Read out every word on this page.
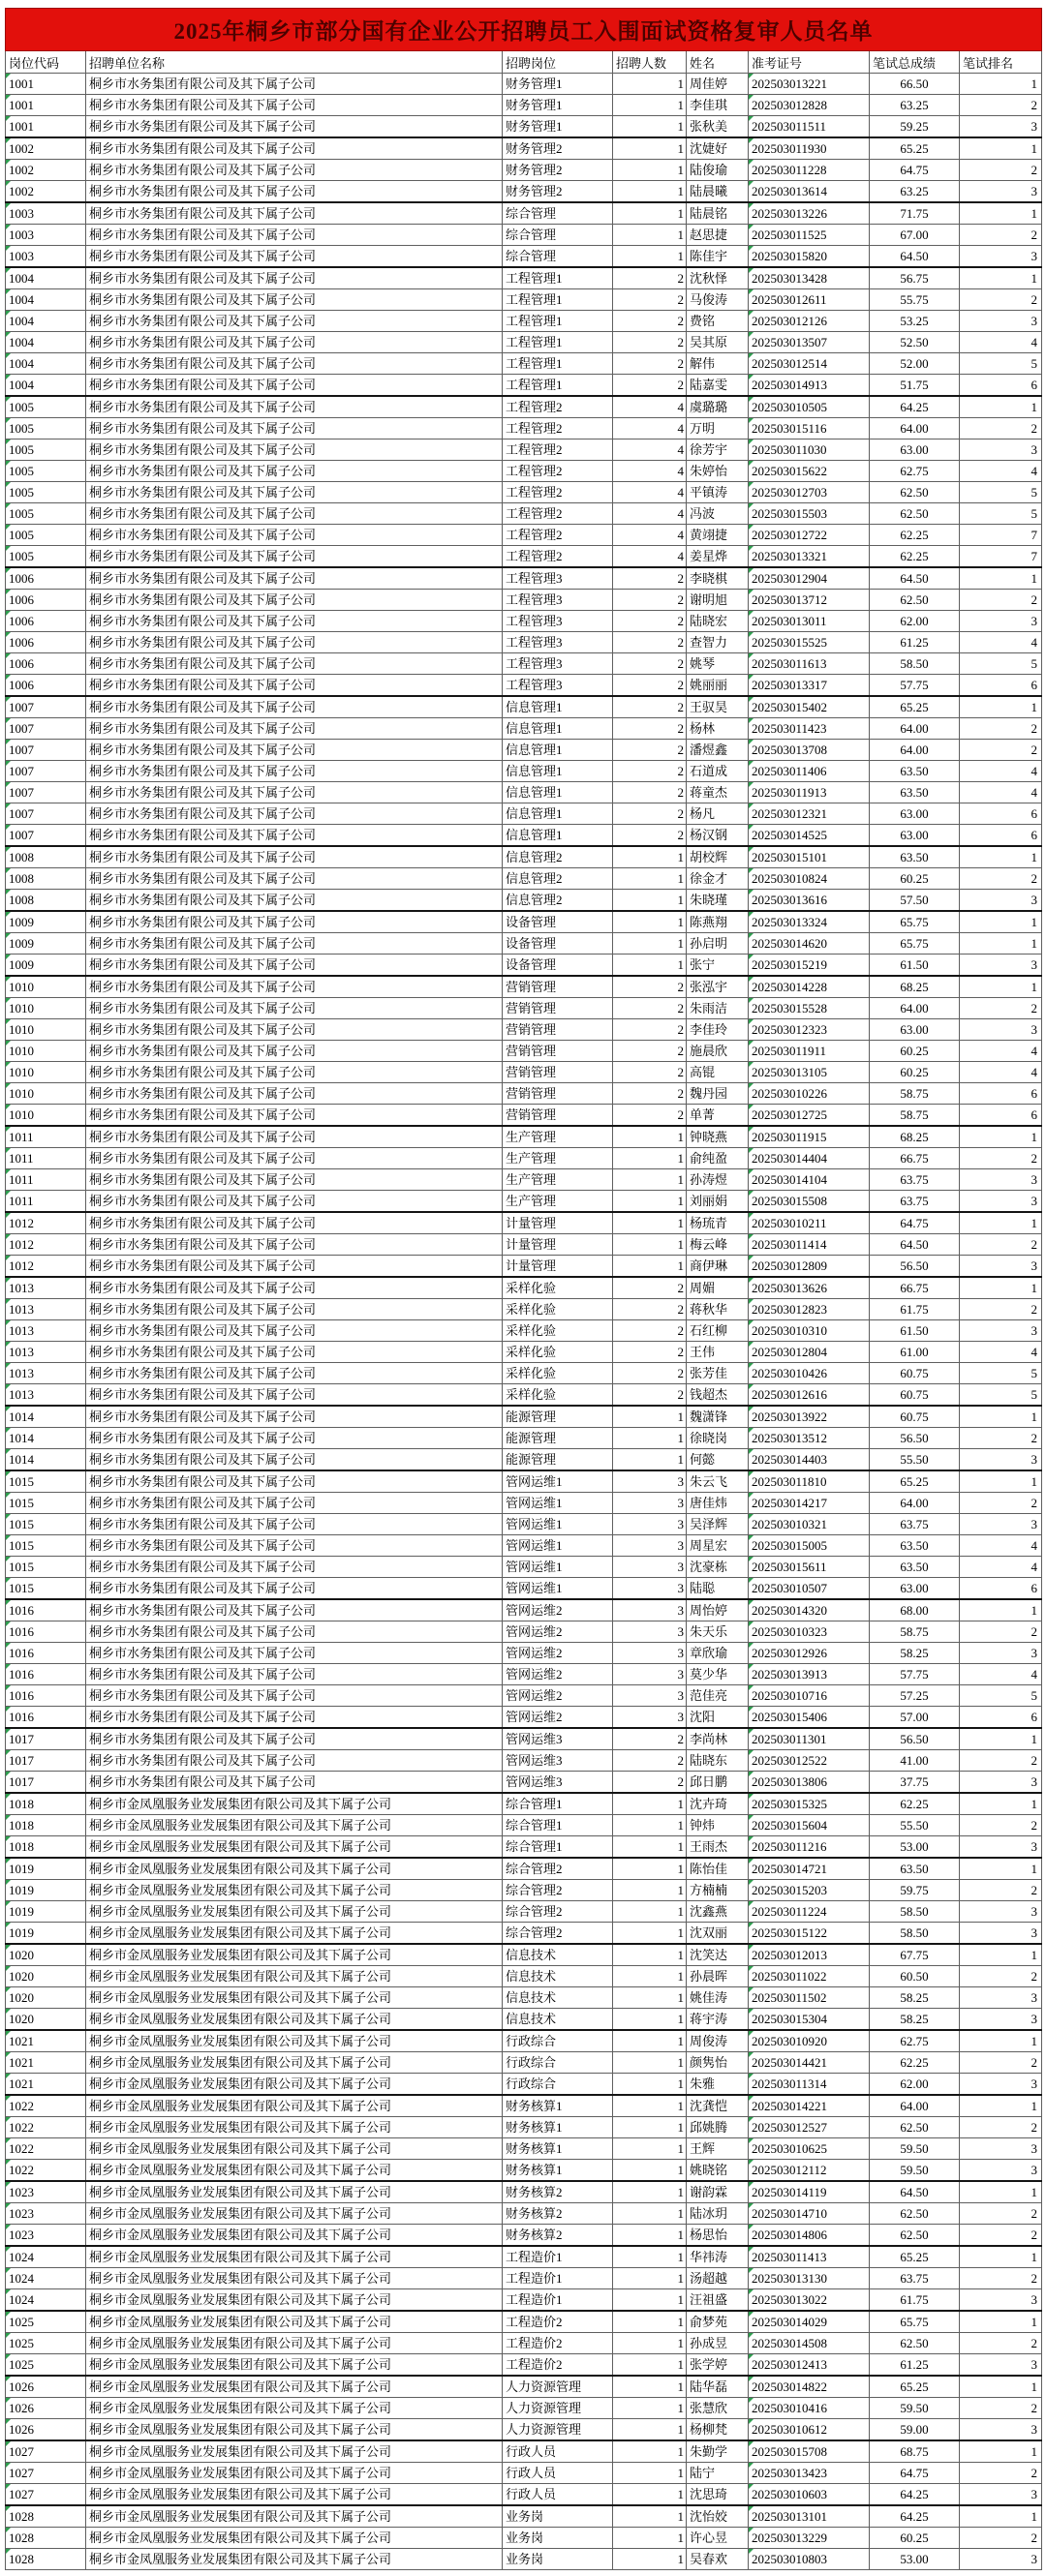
2025年桐乡市部分国有企业公开招聘员工入围面试资格复审人员名单							
岗位代码	招聘单位名称	招聘岗位	招聘人数	姓名	准考证号	笔试总成绩	笔试排名
1001	桐乡市水务集团有限公司及其下属子公司	财务管理1	1	周佳婷	202503013221	66.50	1
1001	桐乡市水务集团有限公司及其下属子公司	财务管理1	1	李佳琪	202503012828	63.25	2
1001	桐乡市水务集团有限公司及其下属子公司	财务管理1	1	张秋美	202503011511	59.25	3
1002	桐乡市水务集团有限公司及其下属子公司	财务管理2	1	沈婕好	202503011930	65.25	1
1002	桐乡市水务集团有限公司及其下属子公司	财务管理2	1	陆俊瑜	202503011228	64.75	2
1002	桐乡市水务集团有限公司及其下属子公司	财务管理2	1	陆晨曦	202503013614	63.25	3
1003	桐乡市水务集团有限公司及其下属子公司	综合管理	1	陆晨铭	202503013226	71.75	1
1003	桐乡市水务集团有限公司及其下属子公司	综合管理	1	赵思捷	202503011525	67.00	2
1003	桐乡市水务集团有限公司及其下属子公司	综合管理	1	陈佳宇	202503015820	64.50	3
1004	桐乡市水务集团有限公司及其下属子公司	工程管理1	2	沈秋怿	202503013428	56.75	1
1004	桐乡市水务集团有限公司及其下属子公司	工程管理1	2	马俊涛	202503012611	55.75	2
1004	桐乡市水务集团有限公司及其下属子公司	工程管理1	2	费铭	202503012126	53.25	3
1004	桐乡市水务集团有限公司及其下属子公司	工程管理1	2	吴其原	202503013507	52.50	4
1004	桐乡市水务集团有限公司及其下属子公司	工程管理1	2	解伟	202503012514	52.00	5
1004	桐乡市水务集团有限公司及其下属子公司	工程管理1	2	陆嘉雯	202503014913	51.75	6
1005	桐乡市水务集团有限公司及其下属子公司	工程管理2	4	虞璐璐	202503010505	64.25	1
1005	桐乡市水务集团有限公司及其下属子公司	工程管理2	4	万明	202503015116	64.00	2
1005	桐乡市水务集团有限公司及其下属子公司	工程管理2	4	徐芳宇	202503011030	63.00	3
1005	桐乡市水务集团有限公司及其下属子公司	工程管理2	4	朱婷怡	202503015622	62.75	4
1005	桐乡市水务集团有限公司及其下属子公司	工程管理2	4	平镇涛	202503012703	62.50	5
1005	桐乡市水务集团有限公司及其下属子公司	工程管理2	4	冯波	202503015503	62.50	5
1005	桐乡市水务集团有限公司及其下属子公司	工程管理2	4	黄翊捷	202503012722	62.25	7
1005	桐乡市水务集团有限公司及其下属子公司	工程管理2	4	姜星烨	202503013321	62.25	7
1006	桐乡市水务集团有限公司及其下属子公司	工程管理3	2	李晓棋	202503012904	64.50	1
1006	桐乡市水务集团有限公司及其下属子公司	工程管理3	2	谢明旭	202503013712	62.50	2
1006	桐乡市水务集团有限公司及其下属子公司	工程管理3	2	陆晓宏	202503013011	62.00	3
1006	桐乡市水务集团有限公司及其下属子公司	工程管理3	2	查智力	202503015525	61.25	4
1006	桐乡市水务集团有限公司及其下属子公司	工程管理3	2	姚琴	202503011613	58.50	5
1006	桐乡市水务集团有限公司及其下属子公司	工程管理3	2	姚丽丽	202503013317	57.75	6
1007	桐乡市水务集团有限公司及其下属子公司	信息管理1	2	王驭昊	202503015402	65.25	1
1007	桐乡市水务集团有限公司及其下属子公司	信息管理1	2	杨林	202503011423	64.00	2
1007	桐乡市水务集团有限公司及其下属子公司	信息管理1	2	潘煜鑫	202503013708	64.00	2
1007	桐乡市水务集团有限公司及其下属子公司	信息管理1	2	石道成	202503011406	63.50	4
1007	桐乡市水务集团有限公司及其下属子公司	信息管理1	2	蒋童杰	202503011913	63.50	4
1007	桐乡市水务集团有限公司及其下属子公司	信息管理1	2	杨凡	202503012321	63.00	6
1007	桐乡市水务集团有限公司及其下属子公司	信息管理1	2	杨汉钢	202503014525	63.00	6
1008	桐乡市水务集团有限公司及其下属子公司	信息管理2	1	胡校辉	202503015101	63.50	1
1008	桐乡市水务集团有限公司及其下属子公司	信息管理2	1	徐金才	202503010824	60.25	2
1008	桐乡市水务集团有限公司及其下属子公司	信息管理2	1	朱晓瑾	202503013616	57.50	3
1009	桐乡市水务集团有限公司及其下属子公司	设备管理	1	陈燕翔	202503013324	65.75	1
1009	桐乡市水务集团有限公司及其下属子公司	设备管理	1	孙启明	202503014620	65.75	1
1009	桐乡市水务集团有限公司及其下属子公司	设备管理	1	张宁	202503015219	61.50	3
1010	桐乡市水务集团有限公司及其下属子公司	营销管理	2	张泓宇	202503014228	68.25	1
1010	桐乡市水务集团有限公司及其下属子公司	营销管理	2	朱雨洁	202503015528	64.00	2
1010	桐乡市水务集团有限公司及其下属子公司	营销管理	2	李佳玲	202503012323	63.00	3
1010	桐乡市水务集团有限公司及其下属子公司	营销管理	2	施晨欣	202503011911	60.25	4
1010	桐乡市水务集团有限公司及其下属子公司	营销管理	2	高锟	202503013105	60.25	4
1010	桐乡市水务集团有限公司及其下属子公司	营销管理	2	魏丹园	202503010226	58.75	6
1010	桐乡市水务集团有限公司及其下属子公司	营销管理	2	单菁	202503012725	58.75	6
1011	桐乡市水务集团有限公司及其下属子公司	生产管理	1	钟晓燕	202503011915	68.25	1
1011	桐乡市水务集团有限公司及其下属子公司	生产管理	1	俞纯盈	202503014404	66.75	2
1011	桐乡市水务集团有限公司及其下属子公司	生产管理	1	孙涛煜	202503014104	63.75	3
1011	桐乡市水务集团有限公司及其下属子公司	生产管理	1	刘丽娟	202503015508	63.75	3
1012	桐乡市水务集团有限公司及其下属子公司	计量管理	1	杨琉青	202503010211	64.75	1
1012	桐乡市水务集团有限公司及其下属子公司	计量管理	1	梅云峰	202503011414	64.50	2
1012	桐乡市水务集团有限公司及其下属子公司	计量管理	1	商伊琳	202503012809	56.50	3
1013	桐乡市水务集团有限公司及其下属子公司	采样化验	2	周媚	202503013626	66.75	1
1013	桐乡市水务集团有限公司及其下属子公司	采样化验	2	蒋秋华	202503012823	61.75	2
1013	桐乡市水务集团有限公司及其下属子公司	采样化验	2	石红柳	202503010310	61.50	3
1013	桐乡市水务集团有限公司及其下属子公司	采样化验	2	王伟	202503012804	61.00	4
1013	桐乡市水务集团有限公司及其下属子公司	采样化验	2	张芳佳	202503010426	60.75	5
1013	桐乡市水务集团有限公司及其下属子公司	采样化验	2	钱超杰	202503012616	60.75	5
1014	桐乡市水务集团有限公司及其下属子公司	能源管理	1	魏潇锋	202503013922	60.75	1
1014	桐乡市水务集团有限公司及其下属子公司	能源管理	1	徐晓岗	202503013512	56.50	2
1014	桐乡市水务集团有限公司及其下属子公司	能源管理	1	何懿	202503014403	55.50	3
1015	桐乡市水务集团有限公司及其下属子公司	管网运维1	3	朱云飞	202503011810	65.25	1
1015	桐乡市水务集团有限公司及其下属子公司	管网运维1	3	唐佳炜	202503014217	64.00	2
1015	桐乡市水务集团有限公司及其下属子公司	管网运维1	3	吴泽辉	202503010321	63.75	3
1015	桐乡市水务集团有限公司及其下属子公司	管网运维1	3	周星宏	202503015005	63.50	4
1015	桐乡市水务集团有限公司及其下属子公司	管网运维1	3	沈豪栋	202503015611	63.50	4
1015	桐乡市水务集团有限公司及其下属子公司	管网运维1	3	陆聪	202503010507	63.00	6
1016	桐乡市水务集团有限公司及其下属子公司	管网运维2	3	周怡婷	202503014320	68.00	1
1016	桐乡市水务集团有限公司及其下属子公司	管网运维2	3	朱天乐	202503010323	58.75	2
1016	桐乡市水务集团有限公司及其下属子公司	管网运维2	3	章欣瑜	202503012926	58.25	3
1016	桐乡市水务集团有限公司及其下属子公司	管网运维2	3	莫少华	202503013913	57.75	4
1016	桐乡市水务集团有限公司及其下属子公司	管网运维2	3	范佳亮	202503010716	57.25	5
1016	桐乡市水务集团有限公司及其下属子公司	管网运维2	3	沈阳	202503015406	57.00	6
1017	桐乡市水务集团有限公司及其下属子公司	管网运维3	2	李尚林	202503011301	56.50	1
1017	桐乡市水务集团有限公司及其下属子公司	管网运维3	2	陆晓东	202503012522	41.00	2
1017	桐乡市水务集团有限公司及其下属子公司	管网运维3	2	邱日鹏	202503013806	37.75	3
1018	桐乡市金凤凰服务业发展集团有限公司及其下属子公司	综合管理1	1	沈卉琦	202503015325	62.25	1
1018	桐乡市金凤凰服务业发展集团有限公司及其下属子公司	综合管理1	1	钟炜	202503015604	55.50	2
1018	桐乡市金凤凰服务业发展集团有限公司及其下属子公司	综合管理1	1	王雨杰	202503011216	53.00	3
1019	桐乡市金凤凰服务业发展集团有限公司及其下属子公司	综合管理2	1	陈怡佳	202503014721	63.50	1
1019	桐乡市金凤凰服务业发展集团有限公司及其下属子公司	综合管理2	1	方楠楠	202503015203	59.75	2
1019	桐乡市金凤凰服务业发展集团有限公司及其下属子公司	综合管理2	1	沈鑫燕	202503011224	58.50	3
1019	桐乡市金凤凰服务业发展集团有限公司及其下属子公司	综合管理2	1	沈双丽	202503015122	58.50	3
1020	桐乡市金凤凰服务业发展集团有限公司及其下属子公司	信息技术	1	沈笑达	202503012013	67.75	1
1020	桐乡市金凤凰服务业发展集团有限公司及其下属子公司	信息技术	1	孙晨晖	202503011022	60.50	2
1020	桐乡市金凤凰服务业发展集团有限公司及其下属子公司	信息技术	1	姚佳涛	202503011502	58.25	3
1020	桐乡市金凤凰服务业发展集团有限公司及其下属子公司	信息技术	1	蒋宇涛	202503015304	58.25	3
1021	桐乡市金凤凰服务业发展集团有限公司及其下属子公司	行政综合	1	周俊涛	202503010920	62.75	1
1021	桐乡市金凤凰服务业发展集团有限公司及其下属子公司	行政综合	1	颜隽怡	202503014421	62.25	2
1021	桐乡市金凤凰服务业发展集团有限公司及其下属子公司	行政综合	1	朱雅	202503011314	62.00	3
1022	桐乡市金凤凰服务业发展集团有限公司及其下属子公司	财务核算1	1	沈龚恺	202503014221	64.00	1
1022	桐乡市金凤凰服务业发展集团有限公司及其下属子公司	财务核算1	1	邱姚腾	202503012527	62.50	2
1022	桐乡市金凤凰服务业发展集团有限公司及其下属子公司	财务核算1	1	王辉	202503010625	59.50	3
1022	桐乡市金凤凰服务业发展集团有限公司及其下属子公司	财务核算1	1	姚晓铭	202503012112	59.50	3
1023	桐乡市金凤凰服务业发展集团有限公司及其下属子公司	财务核算2	1	谢韵霖	202503014119	64.50	1
1023	桐乡市金凤凰服务业发展集团有限公司及其下属子公司	财务核算2	1	陆冰玥	202503014710	62.50	2
1023	桐乡市金凤凰服务业发展集团有限公司及其下属子公司	财务核算2	1	杨思怡	202503014806	62.50	2
1024	桐乡市金凤凰服务业发展集团有限公司及其下属子公司	工程造价1	1	华祎涛	202503011413	65.25	1
1024	桐乡市金凤凰服务业发展集团有限公司及其下属子公司	工程造价1	1	汤超越	202503013130	63.75	2
1024	桐乡市金凤凰服务业发展集团有限公司及其下属子公司	工程造价1	1	汪祖盛	202503013022	61.75	3
1025	桐乡市金凤凰服务业发展集团有限公司及其下属子公司	工程造价2	1	俞梦苑	202503014029	65.75	1
1025	桐乡市金凤凰服务业发展集团有限公司及其下属子公司	工程造价2	1	孙成昱	202503014508	62.50	2
1025	桐乡市金凤凰服务业发展集团有限公司及其下属子公司	工程造价2	1	张学婷	202503012413	61.25	3
1026	桐乡市金凤凰服务业发展集团有限公司及其下属子公司	人力资源管理	1	陆华磊	202503014822	65.25	1
1026	桐乡市金凤凰服务业发展集团有限公司及其下属子公司	人力资源管理	1	张慧欣	202503010416	59.50	2
1026	桐乡市金凤凰服务业发展集团有限公司及其下属子公司	人力资源管理	1	杨柳梵	202503010612	59.00	3
1027	桐乡市金凤凰服务业发展集团有限公司及其下属子公司	行政人员	1	朱勤学	202503015708	68.75	1
1027	桐乡市金凤凰服务业发展集团有限公司及其下属子公司	行政人员	1	陆宁	202503013423	64.75	2
1027	桐乡市金凤凰服务业发展集团有限公司及其下属子公司	行政人员	1	沈思琦	202503010603	64.25	3
1028	桐乡市金凤凰服务业发展集团有限公司及其下属子公司	业务岗	1	沈怡姣	202503013101	64.25	1
1028	桐乡市金凤凰服务业发展集团有限公司及其下属子公司	业务岗	1	许心昱	202503013229	60.25	2
1028	桐乡市金凤凰服务业发展集团有限公司及其下属子公司	业务岗	1	吴春欢	202503010803	53.00	3
